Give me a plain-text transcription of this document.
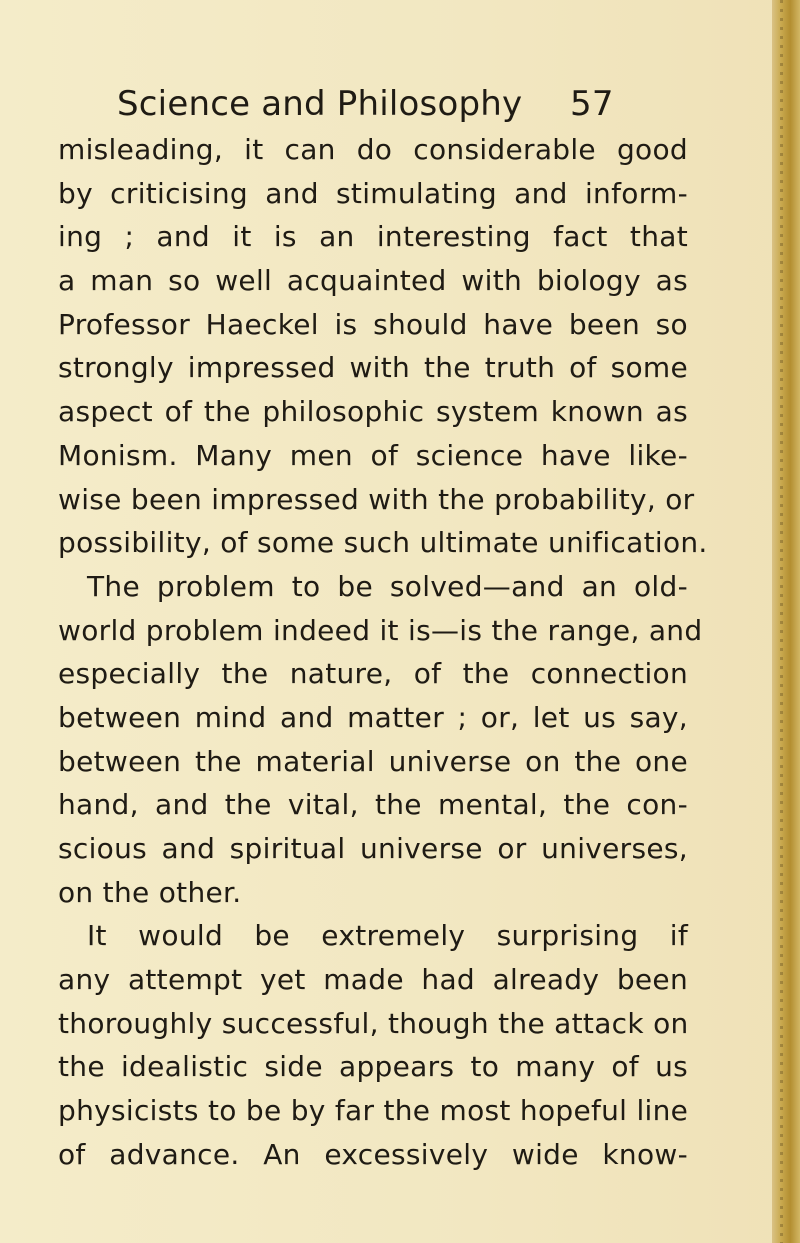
Science and Philosophy 57
misleading, it can do considerable good
by criticising and stimulating and inform-
ing ; and it is an interesting fact that
a man so well acquainted with biology as
Professor Haeckel is should have been so
strongly impressed with the truth of some
aspect of the philosophic system known as
Monism. Many men of science have like-
wise been impressed with the probability, or
possibility, of some such ultimate unification.
The problem to be solved—and an old-
world problem indeed it is—is the range, and
especially the nature, of the connection
between mind and matter ; or, let us say,
between the material universe on the one
hand, and the vital, the mental, the con-
scious and spiritual universe or universes,
on the other.
It would be extremely surprising if
any attempt yet made had already been
thoroughly successful, though the attack on
the idealistic side appears to many of us
physicists to be by far the most hopeful line
of advance. An excessively wide know-
